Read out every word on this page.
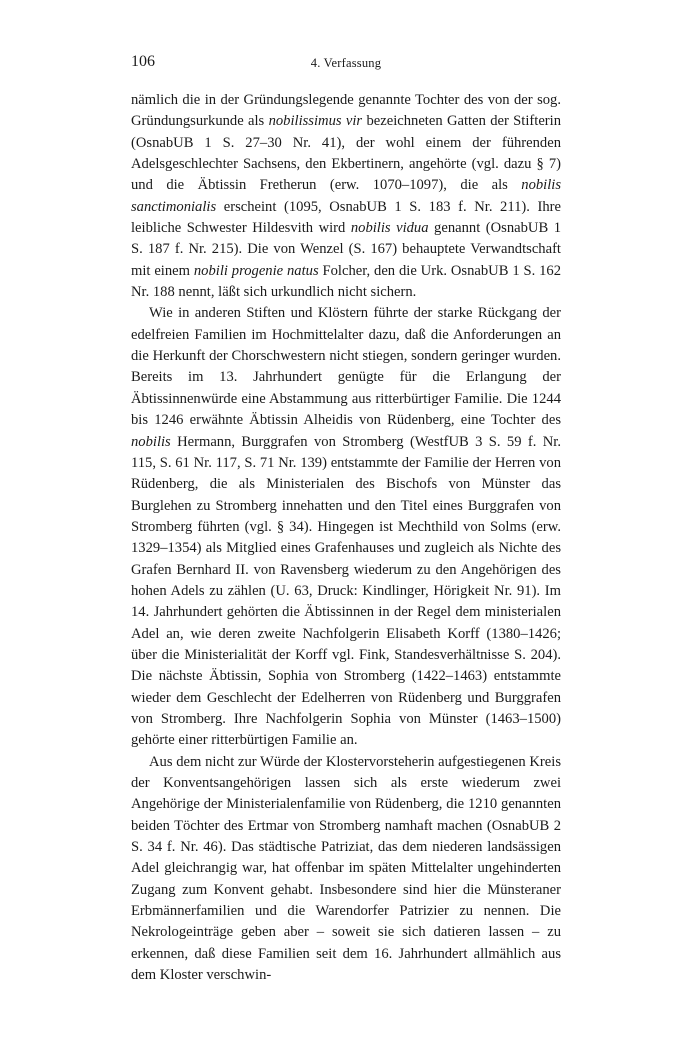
106	4. Verfassung

nämlich die in der Gründungslegende genannte Tochter des von der sog. Gründungsurkunde als nobilissimus vir bezeichneten Gatten der Stifterin (OsnabUB 1 S. 27–30 Nr. 41), der wohl einem der führenden Adelsgeschlechter Sachsens, den Ekbertinern, angehörte (vgl. dazu § 7) und die Äbtissin Fretherun (erw. 1070–1097), die als nobilis sanctimonialis erscheint (1095, OsnabUB 1 S. 183 f. Nr. 211). Ihre leibliche Schwester Hildesvith wird nobilis vidua genannt (OsnabUB 1 S. 187 f. Nr. 215). Die von Wenzel (S. 167) behauptete Verwandtschaft mit einem nobili progenie natus Folcher, den die Urk. OsnabUB 1 S. 162 Nr. 188 nennt, läßt sich urkundlich nicht sichern.

Wie in anderen Stiften und Klöstern führte der starke Rückgang der edelfreien Familien im Hochmittelalter dazu, daß die Anforderungen an die Herkunft der Chorschwestern nicht stiegen, sondern geringer wurden. Bereits im 13. Jahrhundert genügte für die Erlangung der Äbtissinnenwürde eine Abstammung aus ritterbürtiger Familie. Die 1244 bis 1246 erwähnte Äbtissin Alheidis von Rüdenberg, eine Tochter des nobilis Hermann, Burggrafen von Stromberg (WestfUB 3 S. 59 f. Nr. 115, S. 61 Nr. 117, S. 71 Nr. 139) entstammte der Familie der Herren von Rüdenberg, die als Ministerialen des Bischofs von Münster das Burglehen zu Stromberg innehatten und den Titel eines Burggrafen von Stromberg führten (vgl. § 34). Hingegen ist Mechthild von Solms (erw. 1329–1354) als Mitglied eines Grafenhauses und zugleich als Nichte des Grafen Bernhard II. von Ravensberg wiederum zu den Angehörigen des hohen Adels zu zählen (U. 63, Druck: Kindlinger, Hörigkeit Nr. 91). Im 14. Jahrhundert gehörten die Äbtissinnen in der Regel dem ministerialen Adel an, wie deren zweite Nachfolgerin Elisabeth Korff (1380–1426; über die Ministerialität der Korff vgl. Fink, Standesverhältnisse S. 204). Die nächste Äbtissin, Sophia von Stromberg (1422–1463) entstammte wieder dem Geschlecht der Edelherren von Rüdenberg und Burggrafen von Stromberg. Ihre Nachfolgerin Sophia von Münster (1463–1500) gehörte einer ritterbürtigen Familie an.

Aus dem nicht zur Würde der Klostervorsteherin aufgestiegenen Kreis der Konventsangehörigen lassen sich als erste wiederum zwei Angehörige der Ministerialenfamilie von Rüdenberg, die 1210 genannten beiden Töchter des Ertmar von Stromberg namhaft machen (OsnabUB 2 S. 34 f. Nr. 46). Das städtische Patriziat, das dem niederen landsässigen Adel gleichrangig war, hat offenbar im späten Mittelalter ungehinderten Zugang zum Konvent gehabt. Insbesondere sind hier die Münsteraner Erbmännerfamilien und die Warendorfer Patrizier zu nennen. Die Nekrologeinträge geben aber – soweit sie sich datieren lassen – zu erkennen, daß diese Familien seit dem 16. Jahrhundert allmählich aus dem Kloster verschwin-
